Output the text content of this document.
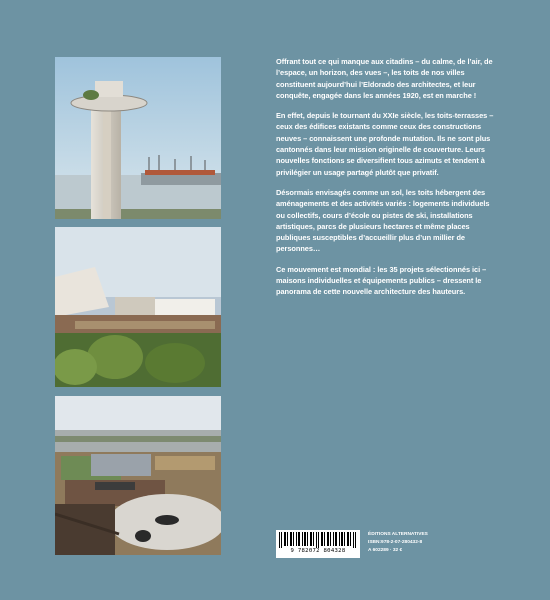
Offrant tout ce qui manque aux citadins – du calme, de l’air, de l’espace, un horizon, des vues –, les toits de nos villes constituent aujourd’hui l’Eldorado des architectes, et leur conquête, engagée dans les années 1920, est en marche !

En effet, depuis le tournant du XXIe siècle, les toits-terrasses – ceux des édifices existants comme ceux des constructions neuves – connaissent une profonde mutation. Ils ne sont plus cantonnés dans leur mission originelle de couverture. Leurs nouvelles fonctions se diversifient tous azimuts et tendent à privilégier un usage partagé plutôt que privatif.

Désormais envisagés comme un sol, les toits hébergent des aménagements et des activités variés : logements individuels ou collectifs, cours d’école ou pistes de ski, installations artistiques, parcs de plusieurs hectares et même places publiques susceptibles d’accueillir plus d’un millier de personnes…

Ce mouvement est mondial : les 35 projets sélectionnés ici – maisons individuelles et équipements publics – dressent le panorama de cette nouvelle architecture des hauteurs.

9 782072 804328
ÉDITIONS ALTERNATIVES
ISBN:978-2-07-280432-8
A 602289 · 32 €
